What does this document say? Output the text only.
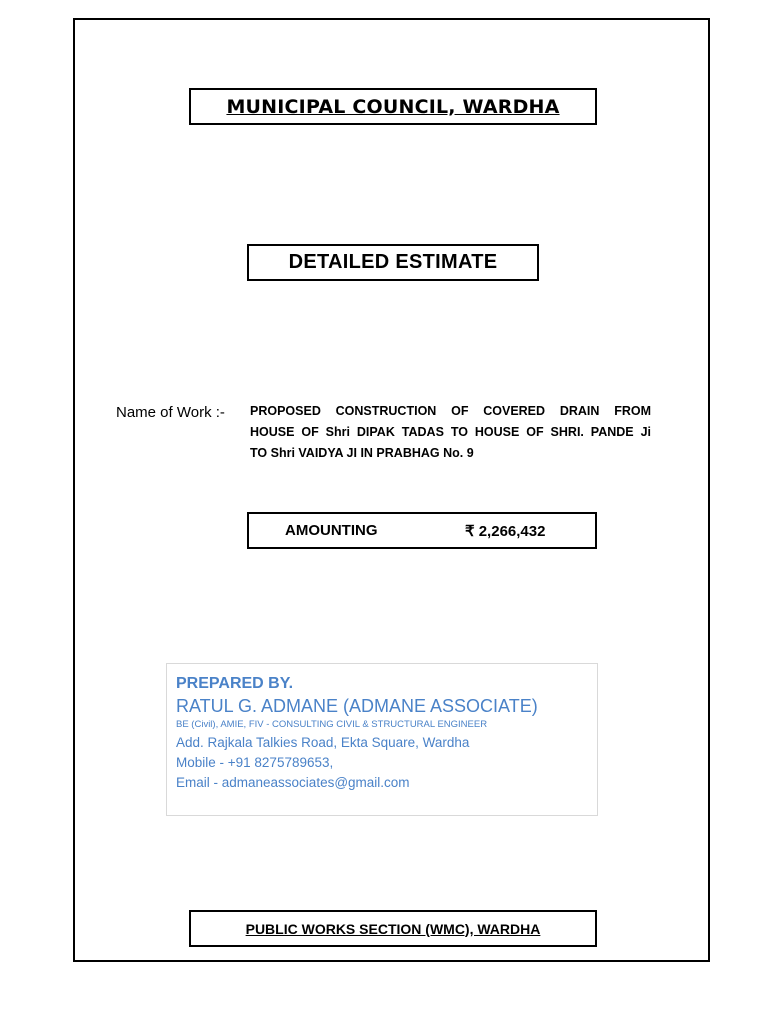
MUNICIPAL COUNCIL, WARDHA
DETAILED ESTIMATE
Name of Work :- PROPOSED CONSTRUCTION OF COVERED DRAIN FROM
HOUSE OF Shri DIPAK TADAS TO HOUSE OF SHRI. PANDE Ji
TO Shri VAIDYA JI IN PRABHAG No. 9
AMOUNTING	₹ 2,266,432
PREPARED BY.
RATUL G. ADMANE (ADMANE ASSOCIATE)
BE (Civil), AMIE, FIV - CONSULTING CIVIL & STRUCTURAL ENGINEER
Add. Rajkala Talkies Road, Ekta Square, Wardha
Mobile - +91 8275789653,
Email - admaneassociates@gmail.com
PUBLIC WORKS SECTION (WMC), WARDHA
